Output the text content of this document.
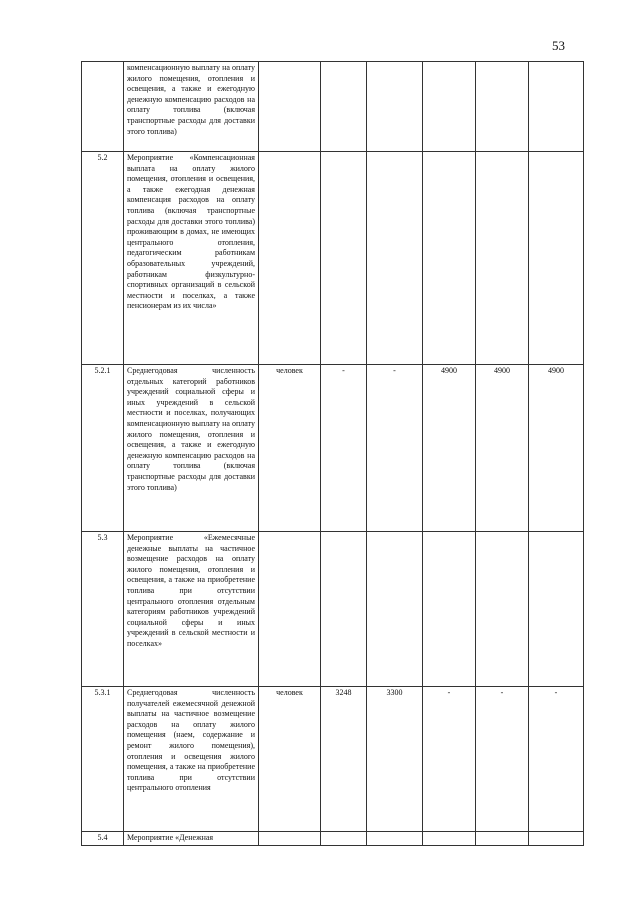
53
	компенсационную выплату на оплату жилого помещения, отопления и освещения, а также и ежегодную денежную компенсацию расходов на оплату топлива (включая транспортные расходы для доставки этого топлива)						
5.2	Мероприятие «Компенсационная выплата на оплату жилого помещения, отопления и освещения, а также ежегодная денежная компенсация расходов на оплату топлива (включая транспортные расходы для доставки этого топлива) проживающим в домах, не имеющих центрального отопления, педагогическим работникам образовательных учреждений, работникам физкультурно-спортивных организаций в сельской местности и поселках, а также пенсионерам из их числа»						
5.2.1	Среднегодовая численность отдельных категорий работников учреждений социальной сферы и иных учреждений в сельской местности и поселках, получающих компенсационную выплату на оплату жилого помещения, отопления и освещения, а также и ежегодную денежную компенсацию расходов на оплату топлива (включая транспортные расходы для доставки этого топлива)	человек	-	-	4900	4900	4900
5.3	Мероприятие «Ежемесячные денежные выплаты на частичное возмещение расходов на оплату жилого помещения, отопления и освещения, а также на приобретение топлива при отсутствии центрального отопления отдельным категориям работников учреждений социальной сферы и иных учреждений в сельской местности и поселках»						
5.3.1	Среднегодовая численность получателей ежемесячной денежной выплаты на частичное возмещение расходов на оплату жилого помещения (наем, содержание и ремонт жилого помещения), отопления и освещения жилого помещения, а также на приобретение топлива при отсутствии центрального отопления	человек	3248	3300	-	-	-
5.4	Мероприятие «Денежная						
